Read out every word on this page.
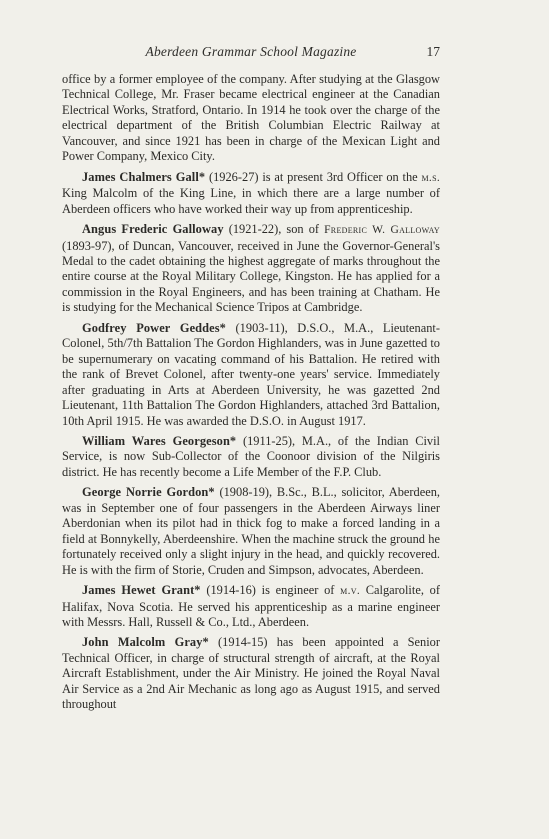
Aberdeen Grammar School Magazine	17

office by a former employee of the company. After studying at the Glasgow Technical College, Mr. Fraser became electrical engineer at the Canadian Electrical Works, Stratford, Ontario. In 1914 he took over the charge of the electrical department of the British Columbian Electric Railway at Vancouver, and since 1921 has been in charge of the Mexican Light and Power Company, Mexico City.

James Chalmers Gall* (1926-27) is at present 3rd Officer on the m.s. King Malcolm of the King Line, in which there are a large number of Aberdeen officers who have worked their way up from apprenticeship.

Angus Frederic Galloway (1921-22), son of Frederic W. Galloway (1893-97), of Duncan, Vancouver, received in June the Governor-General's Medal to the cadet obtaining the highest aggregate of marks throughout the entire course at the Royal Military College, Kingston. He has applied for a commission in the Royal Engineers, and has been training at Chatham. He is studying for the Mechanical Science Tripos at Cambridge.

Godfrey Power Geddes* (1903-11), D.S.O., M.A., Lieutenant-Colonel, 5th/7th Battalion The Gordon Highlanders, was in June gazetted to be supernumerary on vacating command of his Battalion. He retired with the rank of Brevet Colonel, after twenty-one years' service. Immediately after graduating in Arts at Aberdeen University, he was gazetted 2nd Lieutenant, 11th Battalion The Gordon Highlanders, attached 3rd Battalion, 10th April 1915. He was awarded the D.S.O. in August 1917.

William Wares Georgeson* (1911-25), M.A., of the Indian Civil Service, is now Sub-Collector of the Coonoor division of the Nilgiris district. He has recently become a Life Member of the F.P. Club.

George Norrie Gordon* (1908-19), B.Sc., B.L., solicitor, Aberdeen, was in September one of four passengers in the Aberdeen Airways liner Aberdonian when its pilot had in thick fog to make a forced landing in a field at Bonnykelly, Aberdeenshire. When the machine struck the ground he fortunately received only a slight injury in the head, and quickly recovered. He is with the firm of Storie, Cruden and Simpson, advocates, Aberdeen.

James Hewet Grant* (1914-16) is engineer of m.v. Calgarolite, of Halifax, Nova Scotia. He served his apprenticeship as a marine engineer with Messrs. Hall, Russell & Co., Ltd., Aberdeen.

John Malcolm Gray* (1914-15) has been appointed a Senior Technical Officer, in charge of structural strength of aircraft, at the Royal Aircraft Establishment, under the Air Ministry. He joined the Royal Naval Air Service as a 2nd Air Mechanic as long ago as August 1915, and served throughout
